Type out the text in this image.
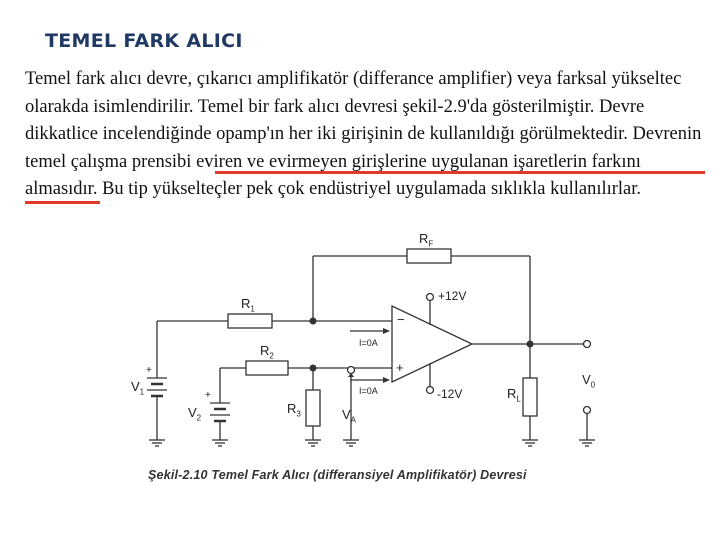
TEMEL FARK ALICI
Temel fark alıcı devre, çıkarıcı amplifikatör (differance amplifier) veya farksal yükseltec
olarakda isimlendirilir. Temel bir fark alıcı devresi şekil-2.9'da gösterilmiştir. Devre
dikkatlice incelendiğinde opamp'ın her iki girişinin de kullanıldığı görülmektedir. Devrenin
temel çalışma prensibi eviren ve evirmeyen girişlerine uygulanan işaretlerin farkını
almasıdır. Bu tip yükselteçler pek çok endüstriyel uygulamada sıklıkla kullanılırlar.
$R_F$
$R_1$
$R_2$
$R_3$
$R_L$
$V_1$
$V_2$	$V_A$
$V_0$
+
+
+12V
-12V
I=0A
I=0A
−
+
Şekil-2.10 Temel Fark Alıcı (differansiyel Amplifikatör) Devresi
